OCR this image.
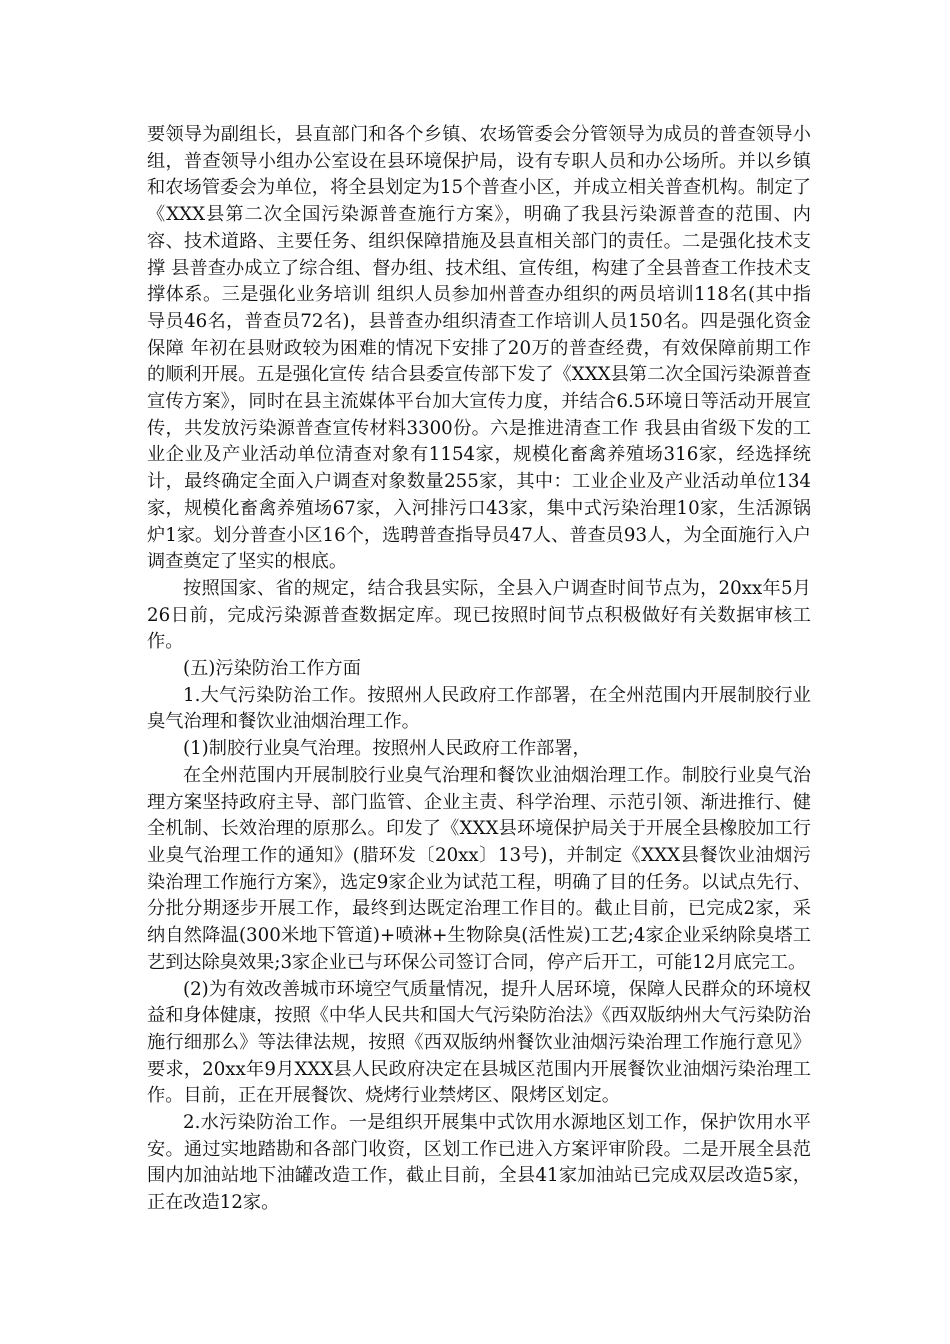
要领导为副组长，县直部门和各个乡镇、农场管委会分管领导为成员的普查领导小组，普查领导小组办公室设在县环境保护局，设有专职人员和办公场所。并以乡镇和农场管委会为单位，将全县划定为15个普查小区，并成立相关普查机构。制定了《XXX县第二次全国污染源普查施行方案》，明确了我县污染源普查的范围、内容、技术道路、主要任务、组织保障措施及县直相关部门的责任。二是强化技术支撑 县普查办成立了综合组、督办组、技术组、宣传组，构建了全县普查工作技术支撑体系。三是强化业务培训 组织人员参加州普查办组织的两员培训118名(其中指导员46名，普查员72名)，县普查办组织清查工作培训人员150名。四是强化资金保障 年初在县财政较为困难的情况下安排了20万的普查经费，有效保障前期工作的顺利开展。五是强化宣传 结合县委宣传部下发了《XXX县第二次全国污染源普查宣传方案》，同时在县主流媒体平台加大宣传力度，并结合6.5环境日等活动开展宣传，共发放污染源普查宣传材料3300份。六是推进清查工作 我县由省级下发的工业企业及产业活动单位清查对象有1154家，规模化畜禽养殖场316家，经选择统计，最终确定全面入户调查对象数量255家，其中：工业企业及产业活动单位134家，规模化畜禽养殖场67家，入河排污口43家，集中式污染治理10家，生活源锅炉1家。划分普查小区16个，选聘普查指导员47人、普查员93人，为全面施行入户调查奠定了坚实的根底。

按照国家、省的规定，结合我县实际，全县入户调查时间节点为，20xx年5月26日前，完成污染源普查数据定库。现已按照时间节点积极做好有关数据审核工作。

(五)污染防治工作方面

1.大气污染防治工作。按照州人民政府工作部署，在全州范围内开展制胶行业臭气治理和餐饮业油烟治理工作。

(1)制胶行业臭气治理。按照州人民政府工作部署，

在全州范围内开展制胶行业臭气治理和餐饮业油烟治理工作。制胶行业臭气治理方案坚持政府主导、部门监管、企业主责、科学治理、示范引领、渐进推行、健全机制、长效治理的原那么。印发了《XXX县环境保护局关于开展全县橡胶加工行业臭气治理工作的通知》(腊环发〔20xx〕13号)，并制定《XXX县餐饮业油烟污染治理工作施行方案》，选定9家企业为试范工程，明确了目的任务。以试点先行、分批分期逐步开展工作，最终到达既定治理工作目的。截止目前，已完成2家，采纳自然降温(300米地下管道)+喷淋+生物除臭(活性炭)工艺;4家企业采纳除臭塔工艺到达除臭效果;3家企业已与环保公司签订合同，停产后开工，可能12月底完工。

(2)为有效改善城市环境空气质量情况，提升人居环境，保障人民群众的环境权益和身体健康，按照《中华人民共和国大气污染防治法》《西双版纳州大气污染防治施行细那么》等法律法规，按照《西双版纳州餐饮业油烟污染治理工作施行意见》要求，20xx年9月XXX县人民政府决定在县城区范围内开展餐饮业油烟污染治理工作。目前，正在开展餐饮、烧烤行业禁烤区、限烤区划定。

2.水污染防治工作。一是组织开展集中式饮用水源地区划工作，保护饮用水平安。通过实地踏勘和各部门收资，区划工作已进入方案评审阶段。二是开展全县范围内加油站地下油罐改造工作，截止目前，全县41家加油站已完成双层改造5家，正在改造12家。
